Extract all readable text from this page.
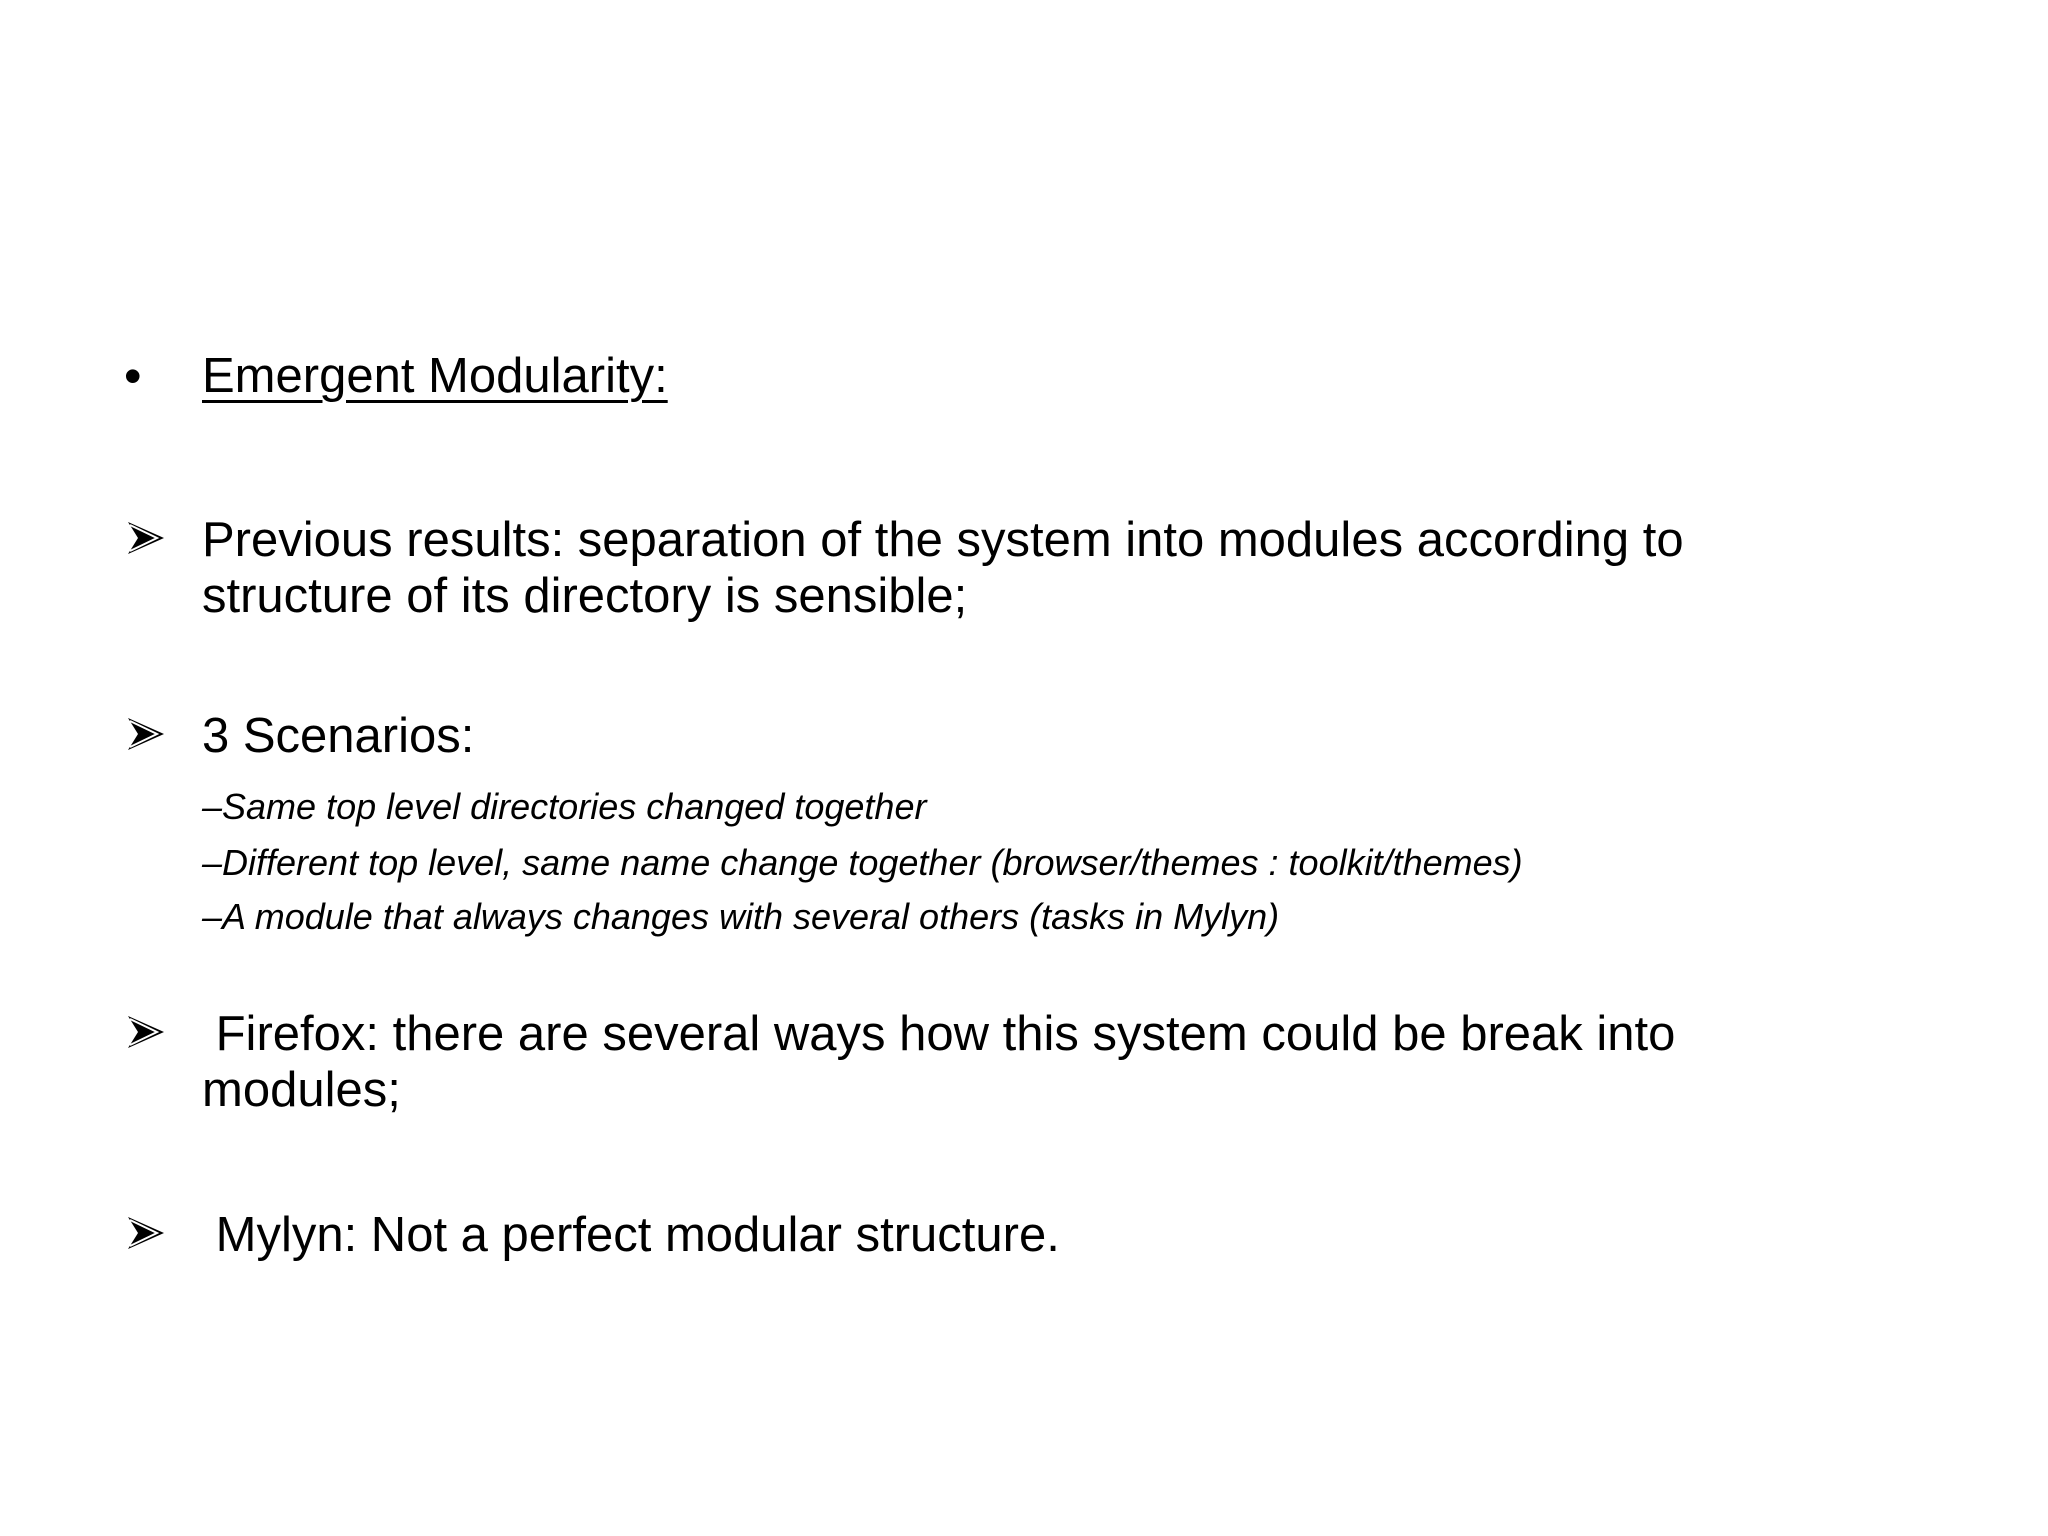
• Emergent Modularity:
Previous results: separation of the system into modules according to structure of its directory is sensible;
3 Scenarios:
–Same top level directories changed together
–Different top level, same name change together (browser/themes : toolkit/themes)
–A module that always changes with several others (tasks in Mylyn)
Firefox: there are several ways how this system could be break into modules;
Mylyn: Not a perfect modular structure.
